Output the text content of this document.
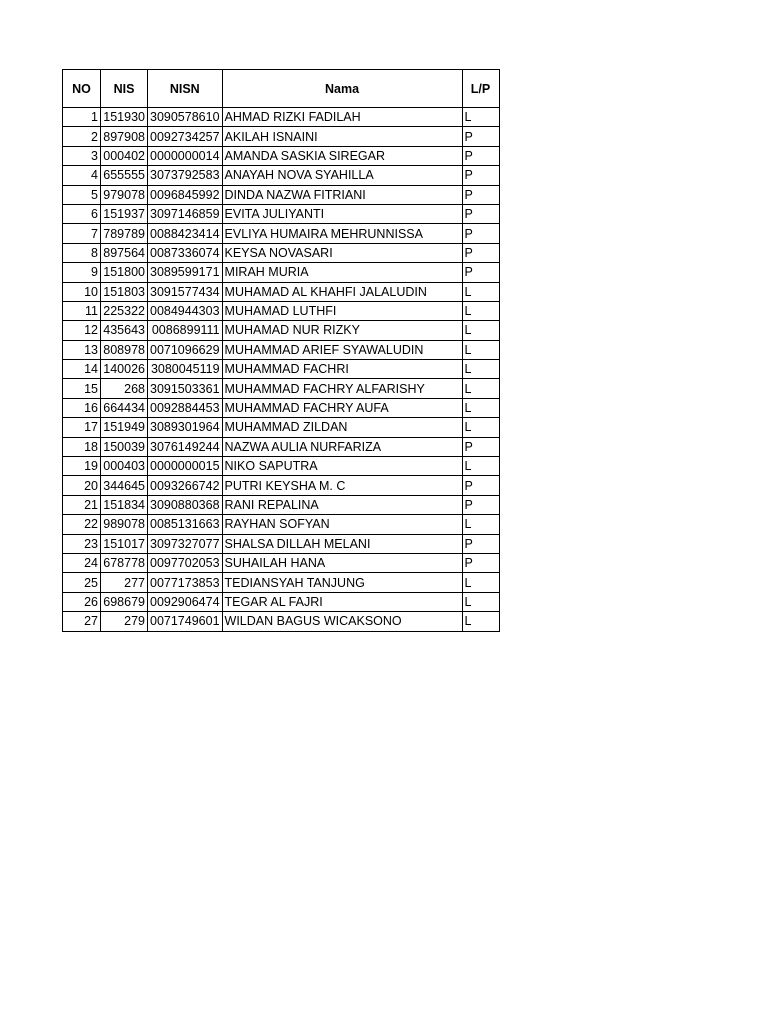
NO	NIS	NISN	Nama	L/P
1	151930	3090578610	AHMAD RIZKI FADILAH	L
2	897908	0092734257	AKILAH ISNAINI	P
3	000402	0000000014	AMANDA SASKIA SIREGAR	P
4	655555	3073792583	ANAYAH NOVA SYAHILLA	P
5	979078	0096845992	DINDA NAZWA FITRIANI	P
6	151937	3097146859	EVITA JULIYANTI	P
7	789789	0088423414	EVLIYA HUMAIRA MEHRUNNISSA	P
8	897564	0087336074	KEYSA NOVASARI	P
9	151800	3089599171	MIRAH MURIA	P
10	151803	3091577434	MUHAMAD AL KHAHFI JALALUDIN	L
11	225322	0084944303	MUHAMAD LUTHFI	L
12	435643	0086899111	MUHAMAD NUR RIZKY	L
13	808978	0071096629	MUHAMMAD ARIEF SYAWALUDIN	L
14	140026	3080045119	MUHAMMAD FACHRI	L
15	268	3091503361	MUHAMMAD FACHRY ALFARISHY	L
16	664434	0092884453	MUHAMMAD FACHRY AUFA	L
17	151949	3089301964	MUHAMMAD ZILDAN	L
18	150039	3076149244	NAZWA AULIA NURFARIZA	P
19	000403	0000000015	NIKO SAPUTRA	L
20	344645	0093266742	PUTRI KEYSHA M. C	P
21	151834	3090880368	RANI REPALINA	P
22	989078	0085131663	RAYHAN SOFYAN	L
23	151017	3097327077	SHALSA DILLAH MELANI	P
24	678778	0097702053	SUHAILAH HANA	P
25	277	0077173853	TEDIANSYAH TANJUNG	L
26	698679	0092906474	TEGAR AL FAJRI	L
27	279	0071749601	WILDAN BAGUS WICAKSONO	L
